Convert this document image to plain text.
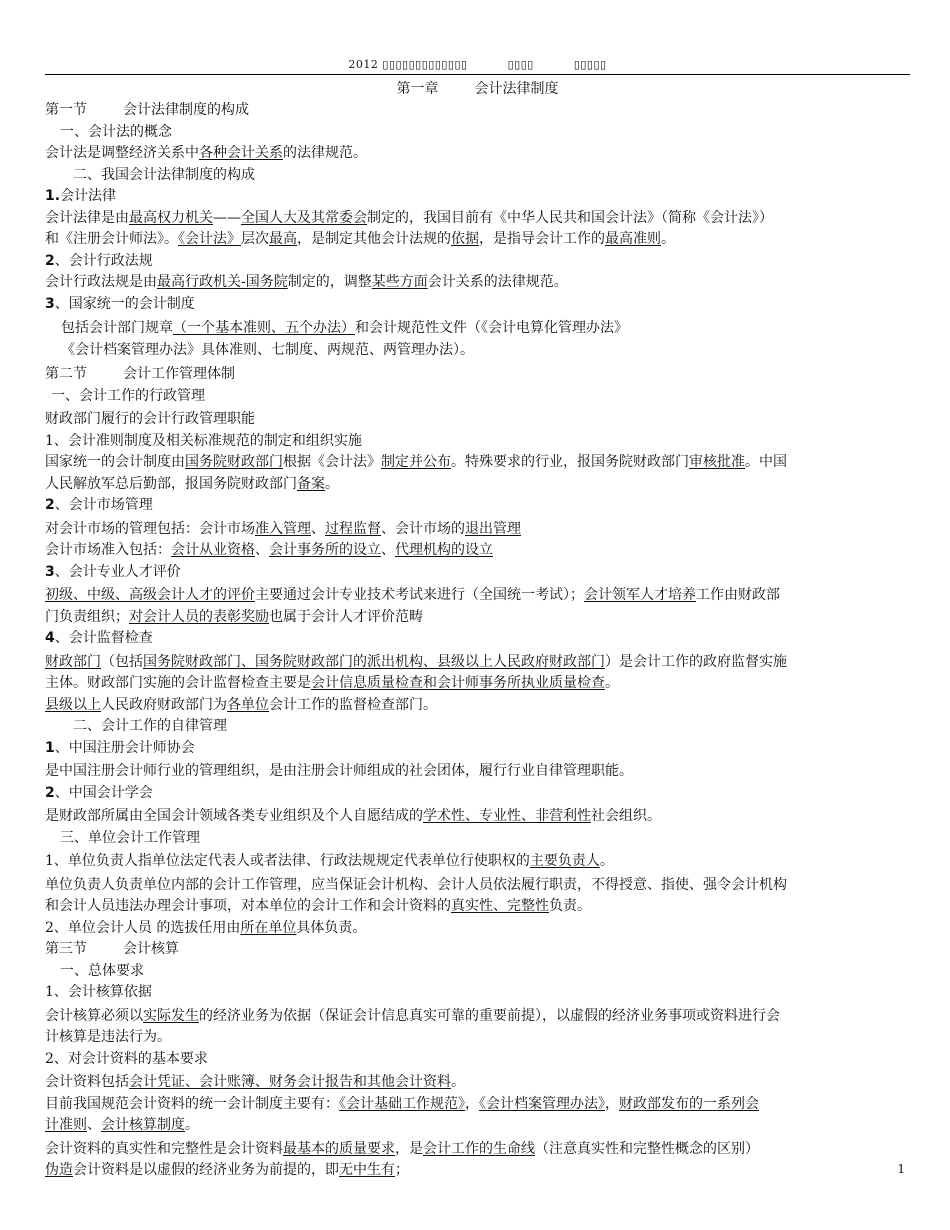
2012 ▯▯▯▯▯▯▯▯▯▯▯▯▯	▯▯▯▯	▯▯▯▯▯
第一章	会计法律制度
第一节	会计法律制度的构成
一、会计法的概念
会计法是调整经济关系中各种会计关系的法律规范。
二、我国会计法律制度的构成
1.会计法律
会计法律是由最高权力机关——全国人大及其常委会制定的，我国目前有《中华人民共和国会计法》（简称《会计法》）
和《注册会计师法》。《会计法》层次最高，是制定其他会计法规的依据，是指导会计工作的最高准则。
2、会计行政法规
会计行政法规是由最高行政机关-国务院制定的，调整某些方面会计关系的法律规范。
3、国家统一的会计制度
包括会计部门规章（一个基本准则、五个办法）和会计规范性文件（《会计电算化管理办法》
《会计档案管理办法》具体准则、七制度、两规范、两管理办法）。
第二节	会计工作管理体制
一、会计工作的行政管理
财政部门履行的会计行政管理职能
1、会计准则制度及相关标准规范的制定和组织实施
国家统一的会计制度由国务院财政部门根据《会计法》制定并公布。特殊要求的行业，报国务院财政部门审核批准。中国
人民解放军总后勤部，报国务院财政部门备案。
2、会计市场管理
对会计市场的管理包括：会计市场准入管理、过程监督、会计市场的退出管理
会计市场准入包括：会计从业资格、会计事务所的设立、代理机构的设立
3、会计专业人才评价
初级、中级、高级会计人才的评价主要通过会计专业技术考试来进行（全国统一考试）；会计领军人才培养工作由财政部
门负责组织；对会计人员的表彰奖励也属于会计人才评价范畴
4、会计监督检查
财政部门（包括国务院财政部门、国务院财政部门的派出机构、县级以上人民政府财政部门）是会计工作的政府监督实施
主体。财政部门实施的会计监督检查主要是会计信息质量检查和会计师事务所执业质量检查。
县级以上人民政府财政部门为各单位会计工作的监督检查部门。
二、会计工作的自律管理
1、中国注册会计师协会
是中国注册会计师行业的管理组织，是由注册会计师组成的社会团体，履行行业自律管理职能。
2、中国会计学会
是财政部所属由全国会计领域各类专业组织及个人自愿结成的学术性、专业性、非营利性社会组织。
三、单位会计工作管理
1、单位负责人指单位法定代表人或者法律、行政法规规定代表单位行使职权的主要负责人。
单位负责人负责单位内部的会计工作管理，应当保证会计机构、会计人员依法履行职责，不得授意、指使、强令会计机构
和会计人员违法办理会计事项，对本单位的会计工作和会计资料的真实性、完整性负责。
2、单位会计人员 的选拔任用由所在单位具体负责。
第三节	会计核算
一、总体要求
1、会计核算依据
会计核算必须以实际发生的经济业务为依据（保证会计信息真实可靠的重要前提），以虚假的经济业务事项或资料进行会
计核算是违法行为。
2、对会计资料的基本要求
会计资料包括会计凭证、会计账簿、财务会计报告和其他会计资料。
目前我国规范会计资料的统一会计制度主要有：《会计基础工作规范》，《会计档案管理办法》，财政部发布的一系列会
计准则、会计核算制度。
会计资料的真实性和完整性是会计资料最基本的质量要求，是会计工作的生命线（注意真实性和完整性概念的区别）
伪造会计资料是以虚假的经济业务为前提的，即无中生有；	1
